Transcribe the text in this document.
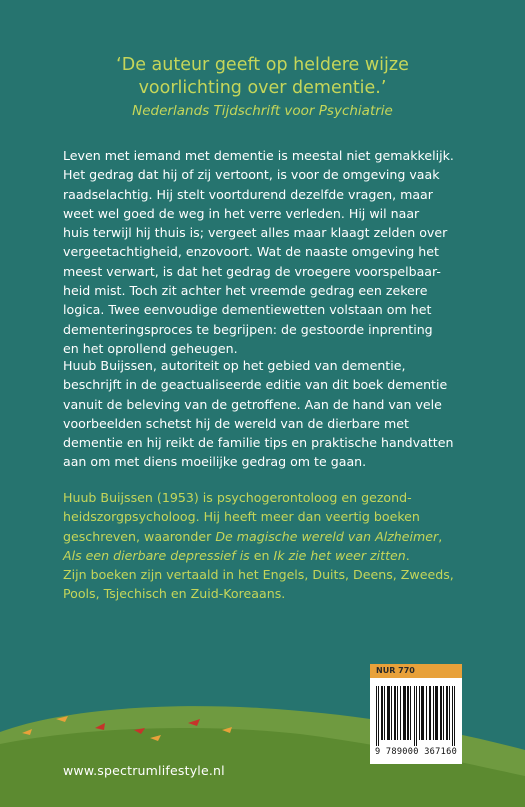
‘De auteur geeft op heldere wijze
voorlichting over dementie.’
Nederlands Tijdschrift voor Psychiatrie
Leven met iemand met dementie is meestal niet gemakkelijk.
Het gedrag dat hij of zij vertoont, is voor de omgeving vaak
raadselachtig. Hij stelt voortdurend dezelfde vragen, maar
weet wel goed de weg in het verre verleden. Hij wil naar
huis terwijl hij thuis is; vergeet alles maar klaagt zelden over
vergeetachtigheid, enzovoort. Wat de naaste omgeving het
meest verwart, is dat het gedrag de vroegere voorspelbaar-
heid mist. Toch zit achter het vreemde gedrag een zekere
logica. Twee eenvoudige dementiewetten volstaan om het
dementeringsproces te begrijpen: de gestoorde inprenting
en het oprollend geheugen.
Huub Buijssen, autoriteit op het gebied van dementie,
beschrijft in de geactualiseerde editie van dit boek dementie
vanuit de beleving van de getroffene. Aan de hand van vele
voorbeelden schetst hij de wereld van de dierbare met
dementie en hij reikt de familie tips en praktische handvatten
aan om met diens moeilijke gedrag om te gaan.
Huub Buijssen (1953) is psychogerontoloog en gezond-
heidszorgpsycholoog. Hij heeft meer dan veertig boeken
geschreven, waaronder De magische wereld van Alzheimer,
Als een dierbare depressief is en Ik zie het weer zitten.
Zijn boeken zijn vertaald in het Engels, Duits, Deens, Zweeds,
Pools, Tsjechisch en Zuid-Koreaans.
www.spectrumlifestyle.nl
NUR 770
9 789000 367160
